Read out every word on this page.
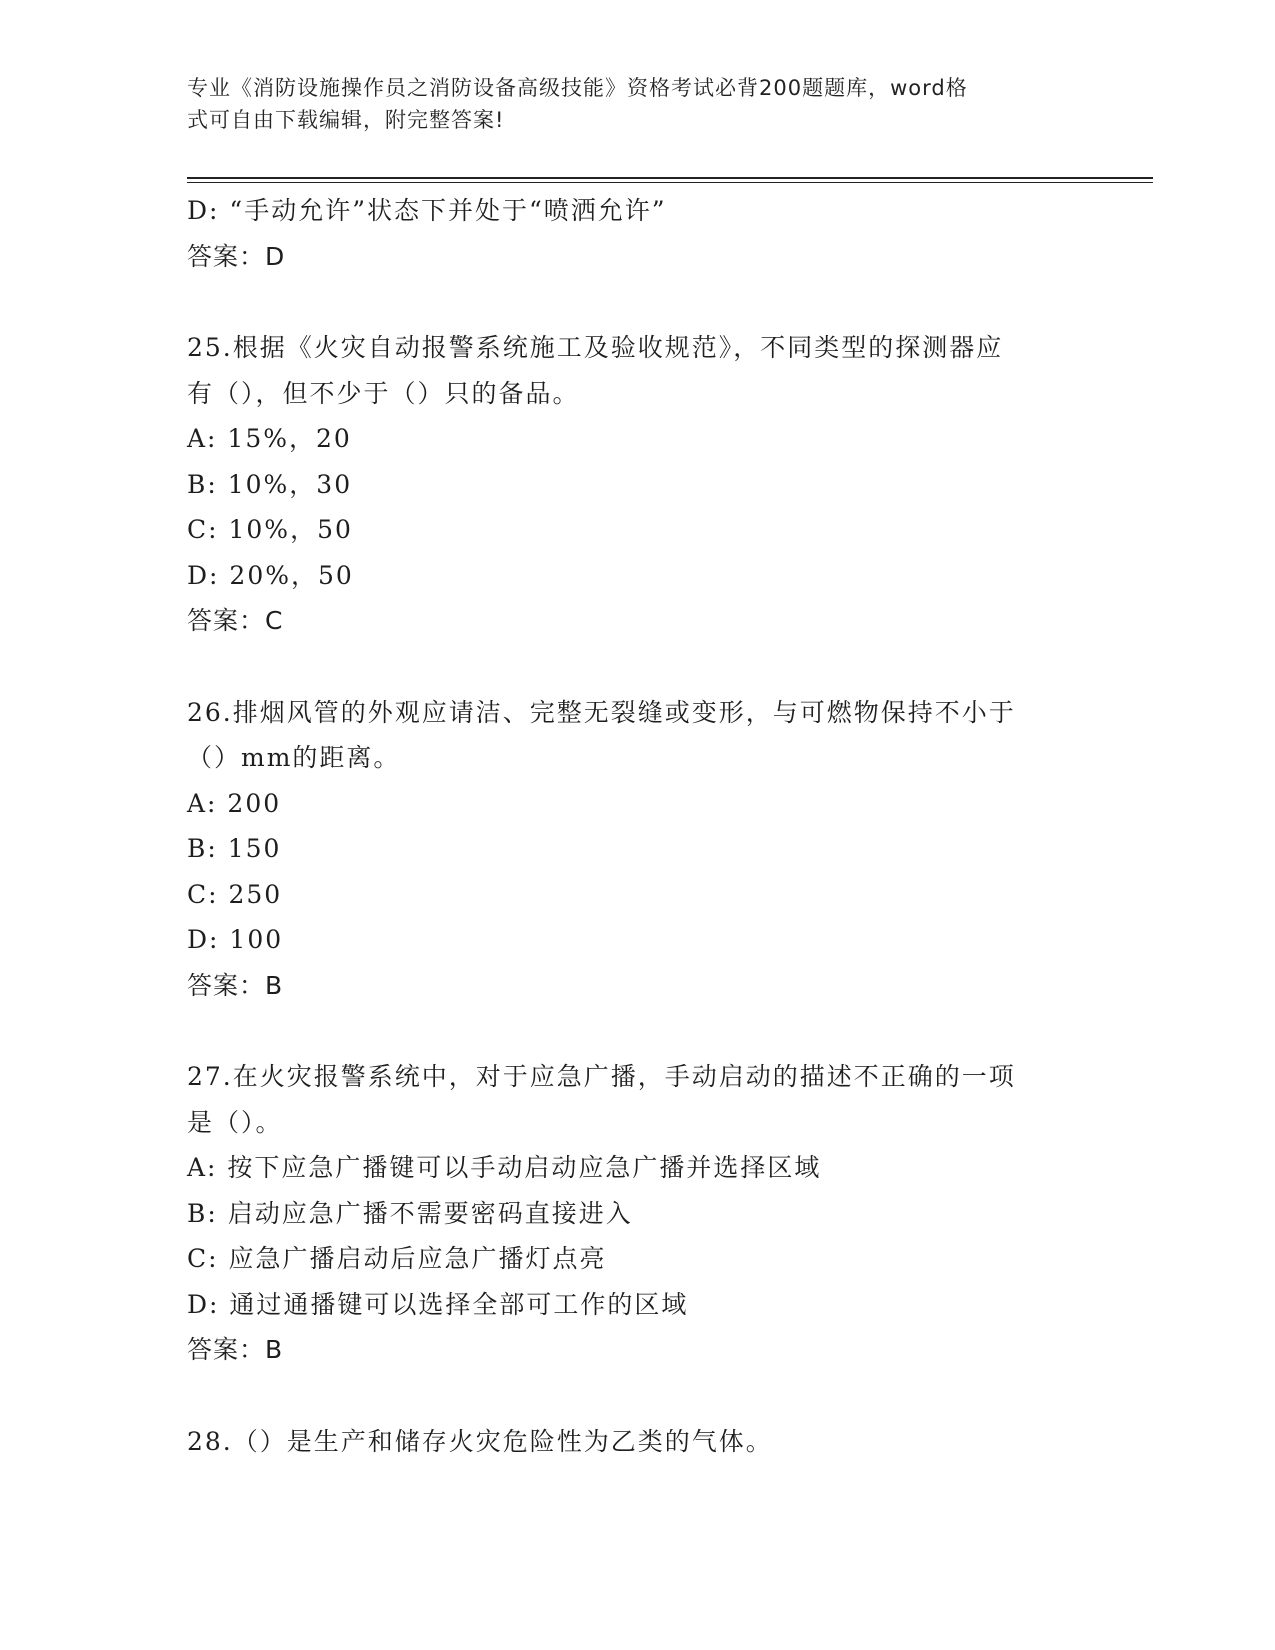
专业《消防设施操作员之消防设备高级技能》资格考试必背200题题库，word格
式可自由下载编辑，附完整答案!
D: “手动允许”状态下并处于“喷洒允许”
答案：D
25.根据《火灾自动报警系统施工及验收规范》，不同类型的探测器应
有（），但不少于（）只的备品。
A: 15%，20
B: 10%，30
C: 10%，50
D: 20%，50
答案：C
26.排烟风管的外观应请洁、完整无裂缝或变形，与可燃物保持不小于
（）mm的距离。
A: 200
B: 150
C: 250
D: 100
答案：B
27.在火灾报警系统中，对于应急广播，手动启动的描述不正确的一项
是（）。
A: 按下应急广播键可以手动启动应急广播并选择区域
B: 启动应急广播不需要密码直接进入
C: 应急广播启动后应急广播灯点亮
D: 通过通播键可以选择全部可工作的区域
答案：B
28.（）是生产和储存火灾危险性为乙类的气体。
